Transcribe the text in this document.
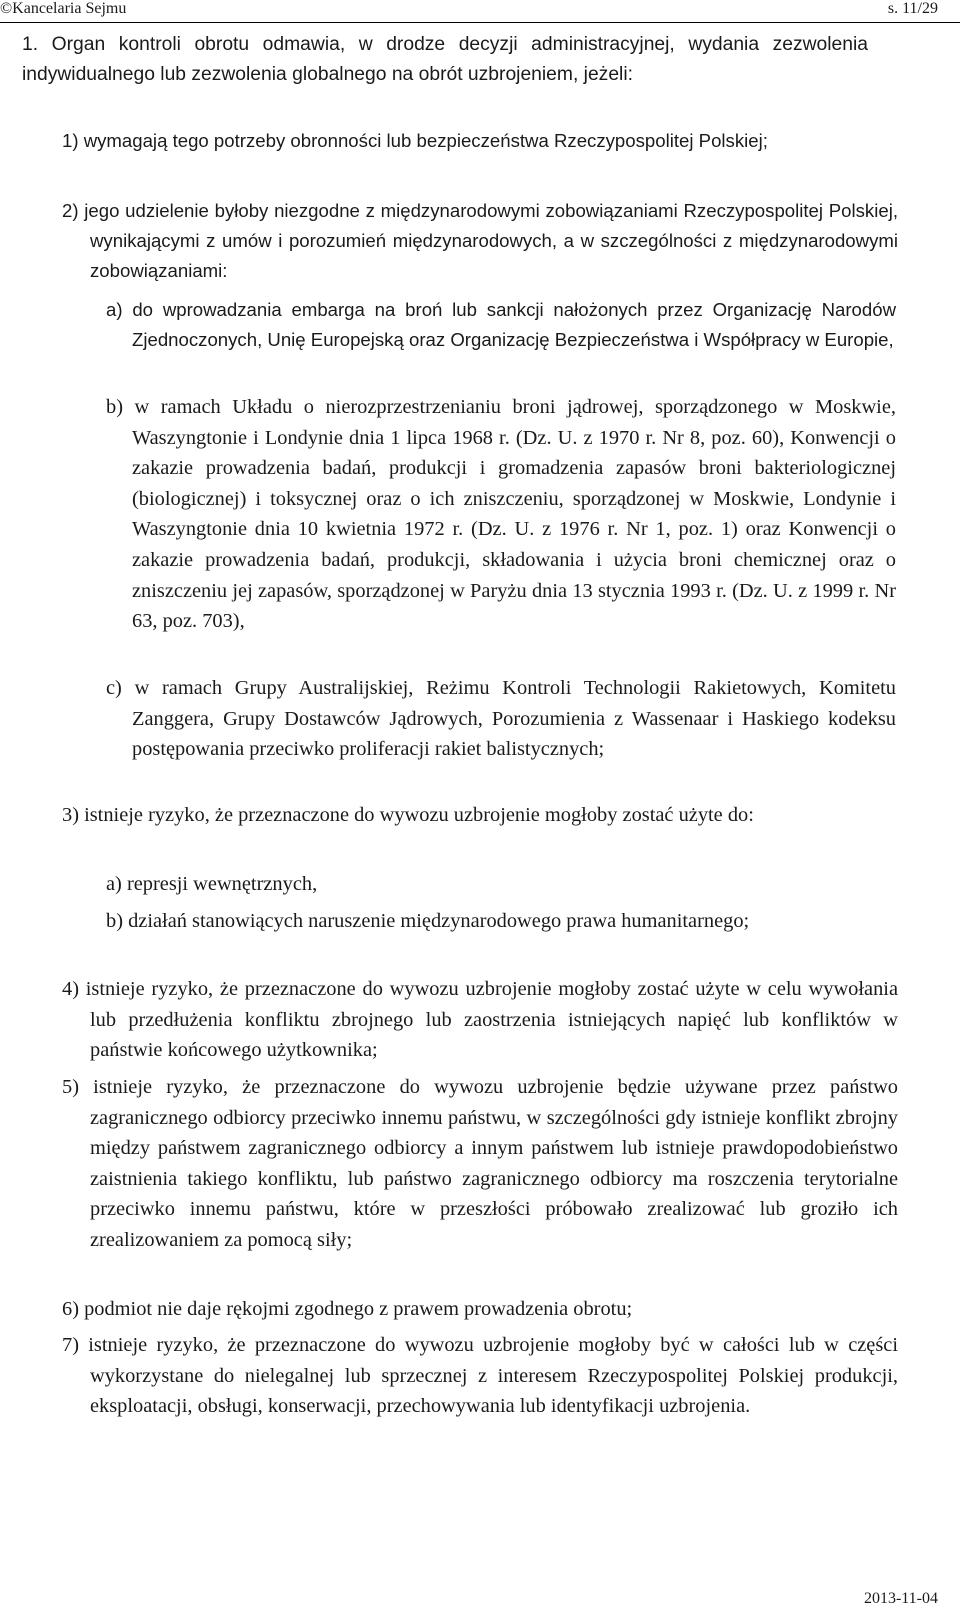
©Kancelaria Sejmu	s. 11/29
1. Organ kontroli obrotu odmawia, w drodze decyzji administracyjnej, wydania zezwolenia indywidualnego lub zezwolenia globalnego na obrót uzbrojeniem, jeżeli:
1) wymagają tego potrzeby obronności lub bezpieczeństwa Rzeczypospolitej Polskiej;
2) jego udzielenie byłoby niezgodne z międzynarodowymi zobowiązaniami Rzeczypospolitej Polskiej, wynikającymi z umów i porozumień międzynarodowych, a w szczególności z międzynarodowymi zobowiązaniami:
a) do wprowadzania embarga na broń lub sankcji nałożonych przez Organizację Narodów Zjednoczonych, Unię Europejską oraz Organizację Bezpieczeństwa i Współpracy w Europie,
b) w ramach Układu o nierozprzestrzenianiu broni jądrowej, sporządzonego w Moskwie, Waszyngtonie i Londynie dnia 1 lipca 1968 r. (Dz. U. z 1970 r. Nr 8, poz. 60), Konwencji o zakazie prowadzenia badań, produkcji i gromadzenia zapasów broni bakteriologicznej (biologicznej) i toksycznej oraz o ich zniszczeniu, sporządzonej w Moskwie, Londynie i Waszyngtonie dnia 10 kwietnia 1972 r. (Dz. U. z 1976 r. Nr 1, poz. 1) oraz Konwencji o zakazie prowadzenia badań, produkcji, składowania i użycia broni chemicznej oraz o zniszczeniu jej zapasów, sporządzonej w Paryżu dnia 13 stycznia 1993 r. (Dz. U. z 1999 r. Nr 63, poz. 703),
c) w ramach Grupy Australijskiej, Reżimu Kontroli Technologii Rakietowych, Komitetu Zanggera, Grupy Dostawców Jądrowych, Porozumienia z Wassenaar i Haskiego kodeksu postępowania przeciwko proliferacji rakiet balistycznych;
3) istnieje ryzyko, że przeznaczone do wywozu uzbrojenie mogłoby zostać użyte do:
a) represji wewnętrznych,
b) działań stanowiących naruszenie międzynarodowego prawa humanitarnego;
4) istnieje ryzyko, że przeznaczone do wywozu uzbrojenie mogłoby zostać użyte w celu wywołania lub przedłużenia konfliktu zbrojnego lub zaostrzenia istniejących napięć lub konfliktów w państwie końcowego użytkownika;
5) istnieje ryzyko, że przeznaczone do wywozu uzbrojenie będzie używane przez państwo zagranicznego odbiorcy przeciwko innemu państwu, w szczególności gdy istnieje konflikt zbrojny między państwem zagranicznego odbiorcy a innym państwem lub istnieje prawdopodobieństwo zaistnienia takiego konfliktu, lub państwo zagranicznego odbiorcy ma roszczenia terytorialne przeciwko innemu państwu, które w przeszłości próbowało zrealizować lub groziło ich zrealizowaniem za pomocą siły;
6) podmiot nie daje rękojmi zgodnego z prawem prowadzenia obrotu;
7) istnieje ryzyko, że przeznaczone do wywozu uzbrojenie mogłoby być w całości lub w części wykorzystane do nielegalnej lub sprzecznej z interesem Rzeczypospolitej Polskiej produkcji, eksploatacji, obsługi, konserwacji, przechowywania lub identyfikacji uzbrojenia.
2013-11-04
